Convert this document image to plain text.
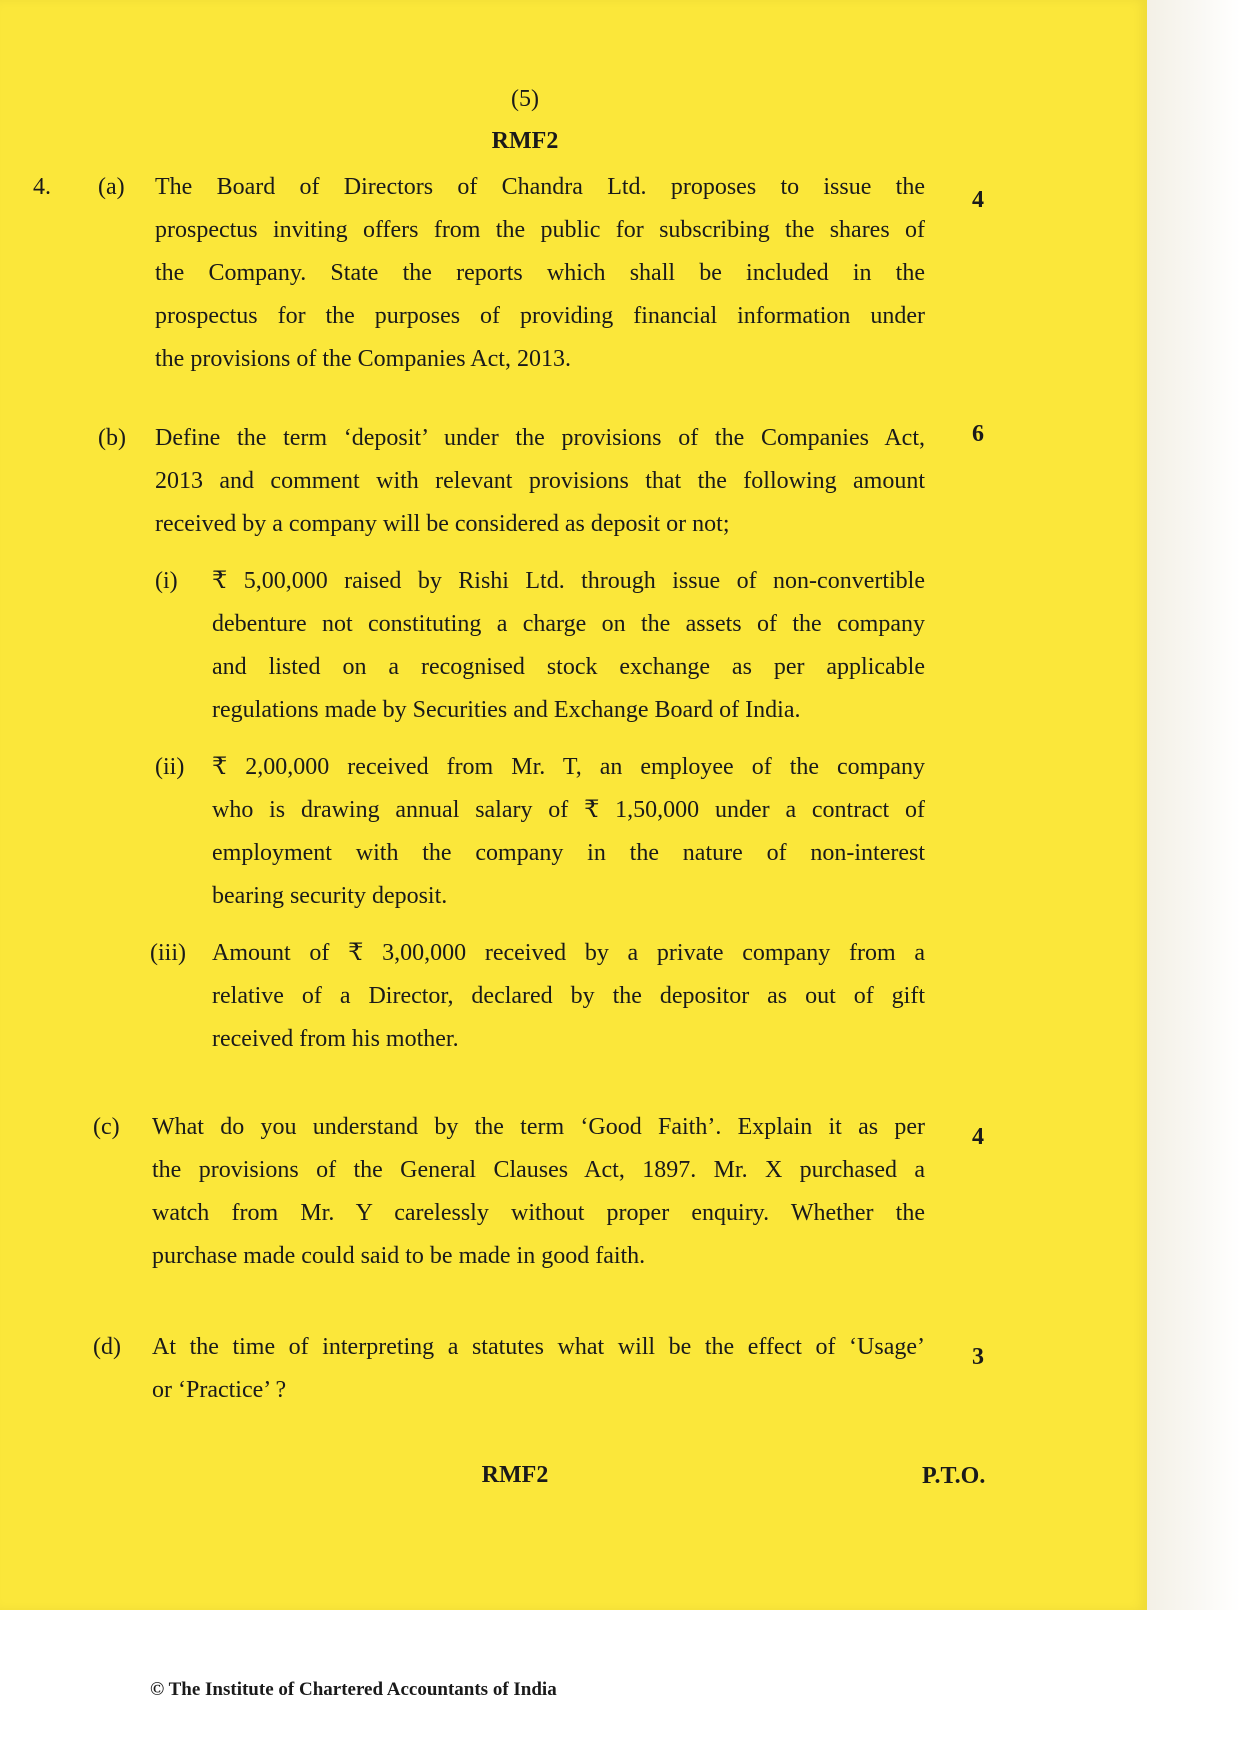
(5)
RMF2
4. (a)	4
The Board of Directors of Chandra Ltd. proposes to issue the
prospectus inviting offers from the public for subscribing the shares of
the Company. State the reports which shall be included in the
prospectus for the purposes of providing financial information under
the provisions of the Companies Act, 2013.
(b)	6
Define the term ‘deposit’ under the provisions of the Companies Act,
2013 and comment with relevant provisions that the following amount
received by a company will be considered as deposit or not;
(i) ₹ 5,00,000 raised by Rishi Ltd. through issue of non-convertible
debenture not constituting a charge on the assets of the company
and listed on a recognised stock exchange as per applicable
regulations made by Securities and Exchange Board of India.
(ii) ₹ 2,00,000 received from Mr. T, an employee of the company
who is drawing annual salary of ₹ 1,50,000 under a contract of
employment with the company in the nature of non-interest
bearing security deposit.
(iii) Amount of ₹ 3,00,000 received by a private company from a
relative of a Director, declared by the depositor as out of gift
received from his mother.
(c)	4
What do you understand by the term ‘Good Faith’. Explain it as per
the provisions of the General Clauses Act, 1897. Mr. X purchased a
watch from Mr. Y carelessly without proper enquiry. Whether the
purchase made could said to be made in good faith.
(d)	3
At the time of interpreting a statutes what will be the effect of ‘Usage’
or ‘Practice’ ?
RMF2	P.T.O.
© The Institute of Chartered Accountants of India
